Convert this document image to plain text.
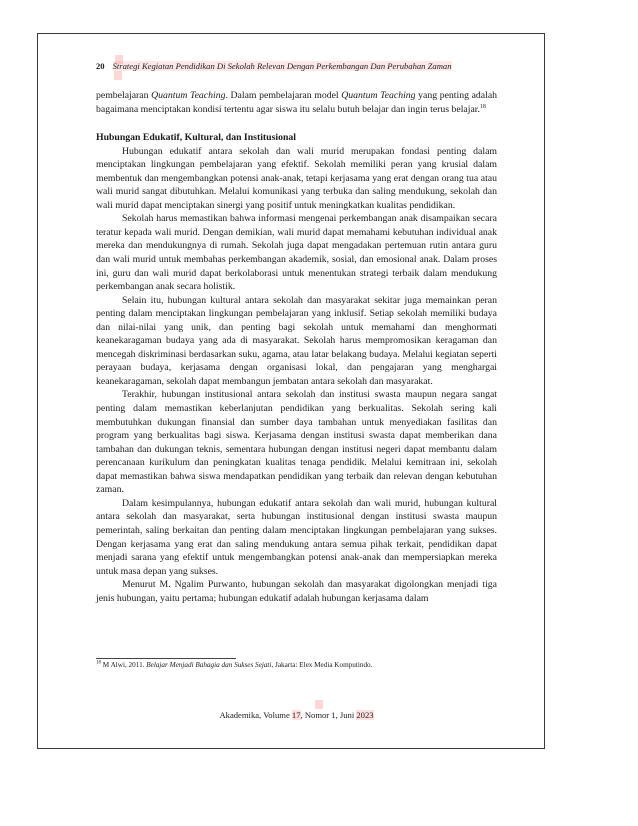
20 Strategi Kegiatan Pendidikan Di Sekolah Relevan Dengan Perkembangan Dan Perubahan Zaman

pembelajaran Quantum Teaching. Dalam pembelajaran model Quantum Teaching yang penting adalah bagaimana menciptakan kondisi tertentu agar siswa itu selalu butuh belajar dan ingin terus belajar.$^{18}$

Hubungan Edukatif, Kultural, dan Institusional

Hubungan edukatif antara sekolah dan wali murid merupakan fondasi penting dalam menciptakan lingkungan pembelajaran yang efektif. Sekolah memiliki peran yang krusial dalam membentuk dan mengembangkan potensi anak-anak, tetapi kerjasama yang erat dengan orang tua atau wali murid sangat dibutuhkan. Melalui komunikasi yang terbuka dan saling mendukung, sekolah dan wali murid dapat menciptakan sinergi yang positif untuk meningkatkan kualitas pendidikan.

Sekolah harus memastikan bahwa informasi mengenai perkembangan anak disampaikan secara teratur kepada wali murid. Dengan demikian, wali murid dapat memahami kebutuhan individual anak mereka dan mendukungnya di rumah. Sekolah juga dapat mengadakan pertemuan rutin antara guru dan wali murid untuk membahas perkembangan akademik, sosial, dan emosional anak. Dalam proses ini, guru dan wali murid dapat berkolaborasi untuk menentukan strategi terbaik dalam mendukung perkembangan anak secara holistik.

Selain itu, hubungan kultural antara sekolah dan masyarakat sekitar juga memainkan peran penting dalam menciptakan lingkungan pembelajaran yang inklusif. Setiap sekolah memiliki budaya dan nilai-nilai yang unik, dan penting bagi sekolah untuk memahami dan menghormati keanekaragaman budaya yang ada di masyarakat. Sekolah harus mempromosikan keragaman dan mencegah diskriminasi berdasarkan suku, agama, atau latar belakang budaya. Melalui kegiatan seperti perayaan budaya, kerjasama dengan organisasi lokal, dan pengajaran yang menghargai keanekaragaman, sekolah dapat membangun jembatan antara sekolah dan masyarakat.

Terakhir, hubungan institusional antara sekolah dan institusi swasta maupun negara sangat penting dalam memastikan keberlanjutan pendidikan yang berkualitas. Sekolah sering kali membutuhkan dukungan finansial dan sumber daya tambahan untuk menyediakan fasilitas dan program yang berkualitas bagi siswa. Kerjasama dengan institusi swasta dapat memberikan dana tambahan dan dukungan teknis, sementara hubungan dengan institusi negeri dapat membantu dalam perencanaan kurikulum dan peningkatan kualitas tenaga pendidik. Melalui kemitraan ini, sekolah dapat memastikan bahwa siswa mendapatkan pendidikan yang terbaik dan relevan dengan kebutuhan zaman.

Dalam kesimpulannya, hubungan edukatif antara sekolah dan wali murid, hubungan kultural antara sekolah dan masyarakat, serta hubungan institusional dengan institusi swasta maupun pemerintah, saling berkaitan dan penting dalam menciptakan lingkungan pembelajaran yang sukses. Dengan kerjasama yang erat dan saling mendukung antara semua pihak terkait, pendidikan dapat menjadi sarana yang efektif untuk mengembangkan potensi anak-anak dan mempersiapkan mereka untuk masa depan yang sukses.

Menurut M. Ngalim Purwanto, hubungan sekolah dan masyarakat digolongkan menjadi tiga jenis hubungan, yaitu pertama; hubungan edukatif adalah hubungan kerjasama dalam

$^{18}$ M Alwi, 2011. Belajar Menjadi Bahagia dan Sukses Sejati, Jakarta: Elex Media Komputindo.
Akademika, Volume 17, Nomor 1, Juni 2023
